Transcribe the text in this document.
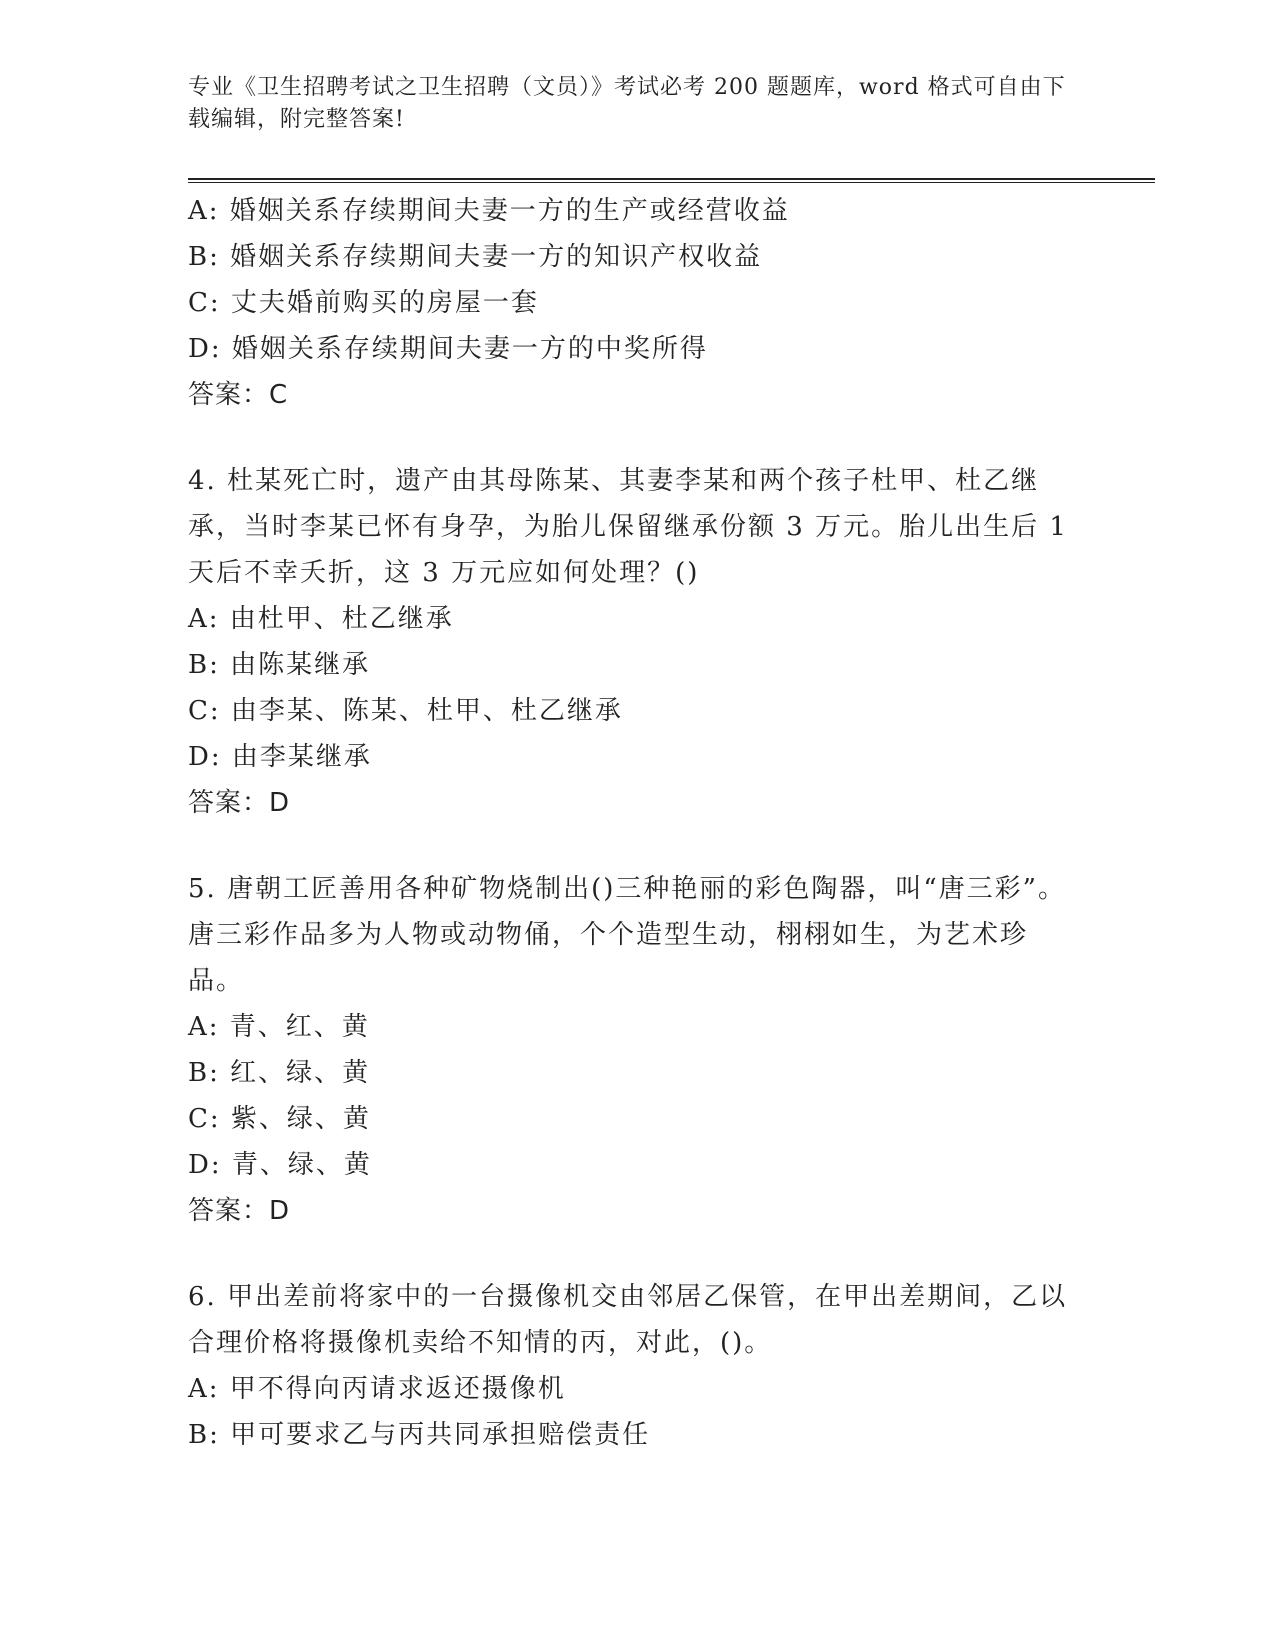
专业《卫生招聘考试之卫生招聘（文员）》考试必考 200 题题库，word 格式可自由下载编辑，附完整答案!
A: 婚姻关系存续期间夫妻一方的生产或经营收益
B: 婚姻关系存续期间夫妻一方的知识产权收益
C: 丈夫婚前购买的房屋一套
D: 婚姻关系存续期间夫妻一方的中奖所得
答案：C
4. 杜某死亡时，遗产由其母陈某、其妻李某和两个孩子杜甲、杜乙继承，当时李某已怀有身孕，为胎儿保留继承份额 3 万元。胎儿出生后 1 天后不幸夭折，这 3 万元应如何处理？()
A: 由杜甲、杜乙继承
B: 由陈某继承
C: 由李某、陈某、杜甲、杜乙继承
D: 由李某继承
答案：D
5. 唐朝工匠善用各种矿物烧制出()三种艳丽的彩色陶器，叫“唐三彩”。唐三彩作品多为人物或动物俑，个个造型生动，栩栩如生，为艺术珍品。
A: 青、红、黄
B: 红、绿、黄
C: 紫、绿、黄
D: 青、绿、黄
答案：D
6. 甲出差前将家中的一台摄像机交由邻居乙保管，在甲出差期间，乙以合理价格将摄像机卖给不知情的丙，对此，()。
A: 甲不得向丙请求返还摄像机
B: 甲可要求乙与丙共同承担赔偿责任
